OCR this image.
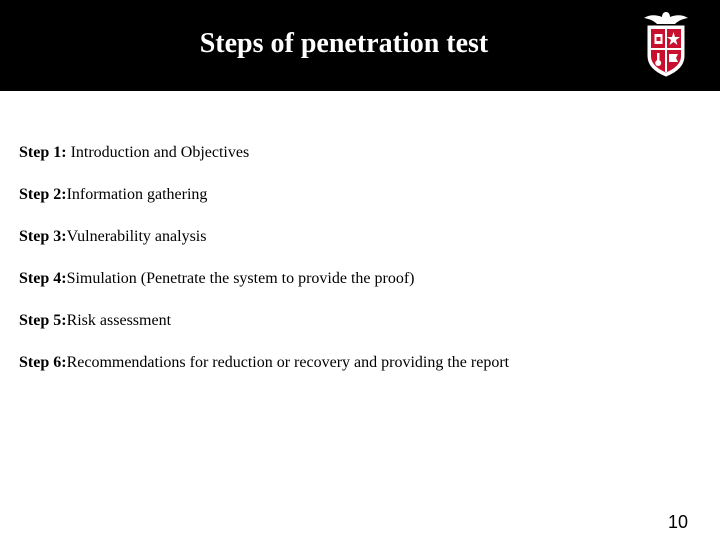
Steps of penetration test
Step 1: Introduction and Objectives
Step 2:Information gathering
Step 3:Vulnerability analysis
Step 4:Simulation (Penetrate the system to provide the proof)
Step 5:Risk assessment
Step 6:Recommendations for reduction or recovery and providing the report
10
